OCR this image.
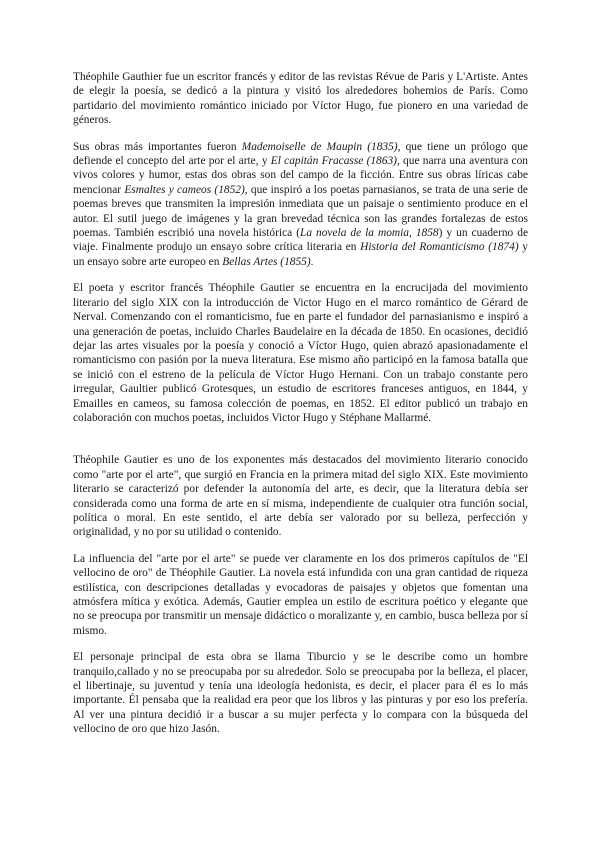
Théophile Gauthier fue un escritor francés y editor de las revistas Révue de Paris y L'Artiste. Antes de elegir la poesía, se dedicó a la pintura y visitó los alrededores bohemios de París. Como partidario del movimiento romántico iniciado por Víctor Hugo, fue pionero en una variedad de géneros.

Sus obras más importantes fueron Mademoiselle de Maupin (1835), que tiene un prólogo que defiende el concepto del arte por el arte, y El capitán Fracasse (1863), que narra una aventura con vivos colores y humor, estas dos obras son del campo de la ficción. Entre sus obras líricas cabe mencionar Esmaltes y cameos (1852), que inspiró a los poetas parnasianos, se trata de una serie de poemas breves que transmiten la impresión inmediata que un paisaje o sentimiento produce en el autor. El sutil juego de imágenes y la gran brevedad técnica son las grandes fortalezas de estos poemas. También escribió una novela histórica (La novela de la momia, 1858) y un cuaderno de viaje. Finalmente produjo un ensayo sobre crítica literaria en Historia del Romanticismo (1874) y un ensayo sobre arte europeo en Bellas Artes (1855).

El poeta y escritor francés Théophile Gautier se encuentra en la encrucijada del movimiento literario del siglo XIX con la introducción de Victor Hugo en el marco romántico de Gérard de Nerval. Comenzando con el romanticismo, fue en parte el fundador del parnasianismo e inspiró a una generación de poetas, incluido Charles Baudelaire en la década de 1850. En ocasiones, decidió dejar las artes visuales por la poesía y conoció a Víctor Hugo, quien abrazó apasionadamente el romanticismo con pasión por la nueva literatura. Ese mismo año participó en la famosa batalla que se inició con el estreno de la película de Víctor Hugo Hernani. Con un trabajo constante pero irregular, Gaultier publicó Grotesques, un estudio de escritores franceses antiguos, en 1844, y Emailles en cameos, su famosa colección de poemas, en 1852. El editor publicó un trabajo en colaboración con muchos poetas, incluidos Victor Hugo y Stéphane Mallarmé.

Théophile Gautier es uno de los exponentes más destacados del movimiento literario conocido como "arte por el arte", que surgió en Francia en la primera mitad del siglo XIX. Este movimiento literario se caracterizó por defender la autonomía del arte, es decir, que la literatura debía ser considerada como una forma de arte en sí misma, independiente de cualquier otra función social, política o moral. En este sentido, el arte debía ser valorado por su belleza, perfección y originalidad, y no por su utilidad o contenido.

La influencia del "arte por el arte" se puede ver claramente en los dos primeros capítulos de "El vellocino de oro" de Théophile Gautier. La novela está infundida con una gran cantidad de riqueza estilística, con descripciones detalladas y evocadoras de paisajes y objetos que fomentan una atmósfera mítica y exótica. Además, Gautier emplea un estilo de escritura poético y elegante que no se preocupa por transmitir un mensaje didáctico o moralizante y, en cambio, busca belleza por sí mismo.

El personaje principal de esta obra se llama Tiburcio y se le describe como un hombre tranquilo,callado y no se preocupaba por su alrededor. Solo se preocupaba por la belleza, el placer, el libertinaje, su juventud y tenía una ideología hedonista, es decir, el placer para él es lo más importante. Él pensaba que la realidad era peor que los libros y las pinturas y por eso los prefería. Al ver una pintura decidió ir a buscar a su mujer perfecta y lo compara con la búsqueda del vellocino de oro que hizo Jasón.
